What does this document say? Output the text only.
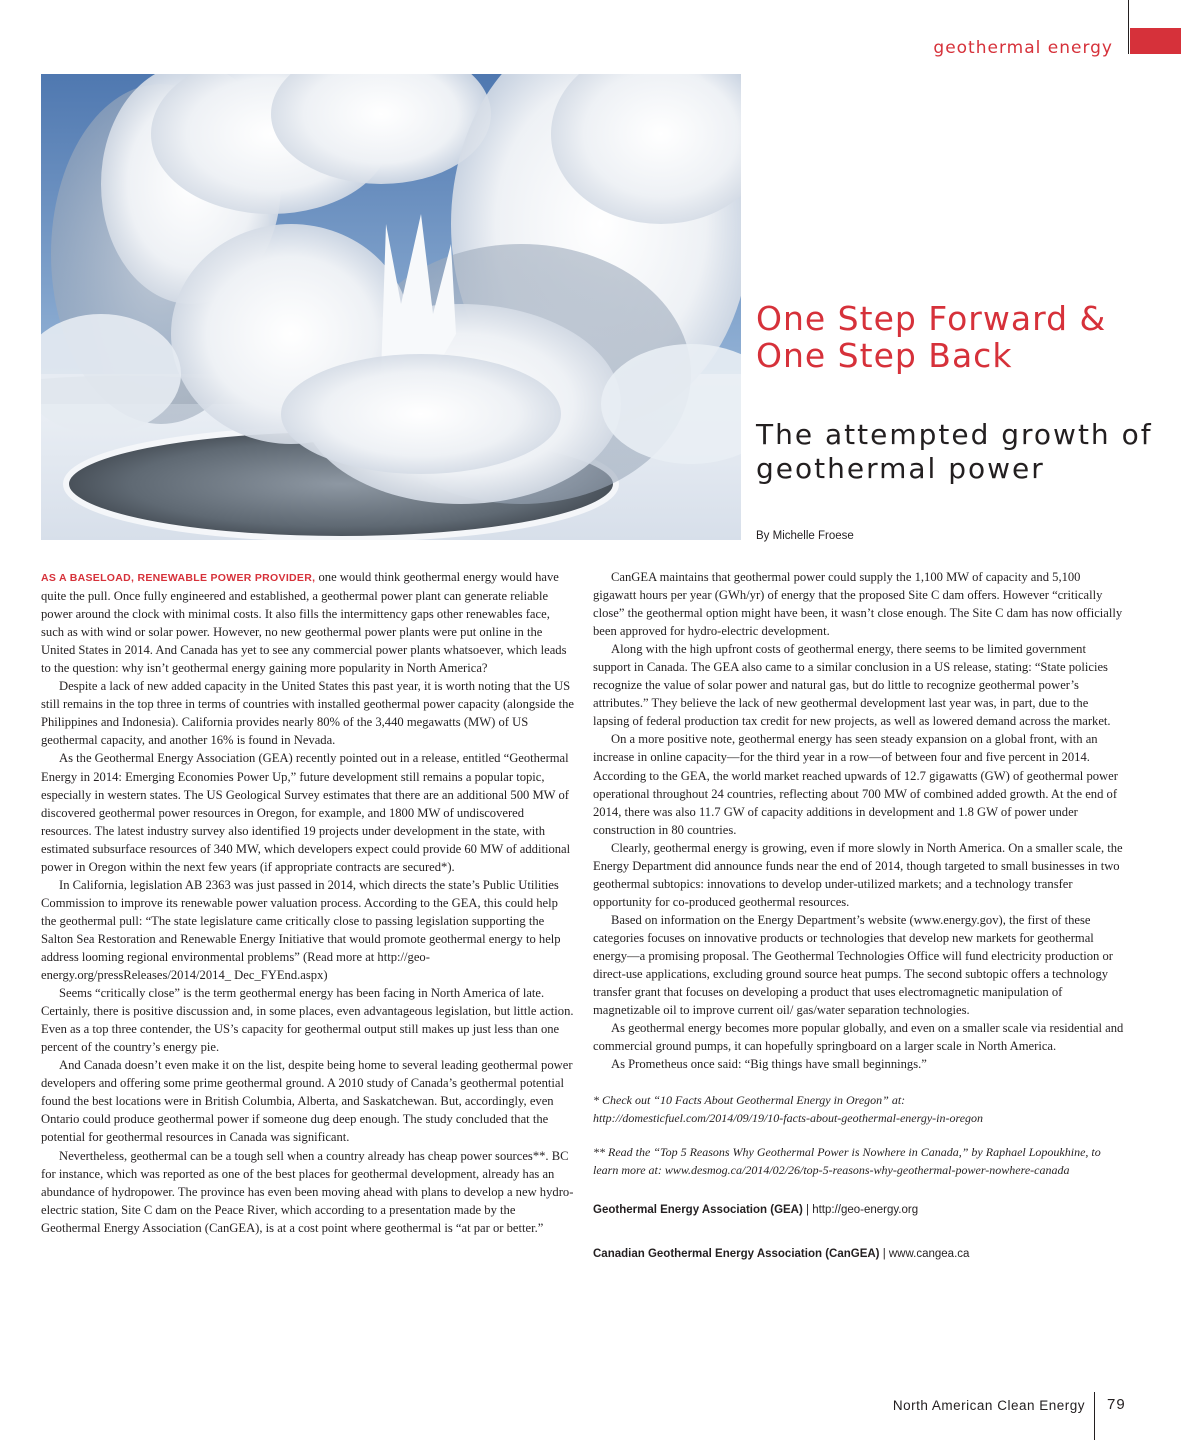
geothermal energy
One Step Forward & One Step Back
The attempted growth of geothermal power
By Michelle Froese

AS A BASELOAD, RENEWABLE POWER PROVIDER, one would think geothermal energy would have quite the pull. Once fully engineered and established, a geothermal power plant can generate reliable power around the clock with minimal costs. It also fills the intermittency gaps other renewables face, such as with wind or solar power. However, no new geothermal power plants were put online in the United States in 2014. And Canada has yet to see any commercial power plants whatsoever, which leads to the question: why isn’t geothermal energy gaining more popularity in North America?

Despite a lack of new added capacity in the United States this past year, it is worth noting that the US still remains in the top three in terms of countries with installed geothermal power capacity (alongside the Philippines and Indonesia). California provides nearly 80% of the 3,440 megawatts (MW) of US geothermal capacity, and another 16% is found in Nevada.

As the Geothermal Energy Association (GEA) recently pointed out in a release, entitled “Geothermal Energy in 2014: Emerging Economies Power Up,” future development still remains a popular topic, especially in western states. The US Geological Survey estimates that there are an additional 500 MW of discovered geothermal power resources in Oregon, for example, and 1800 MW of undiscovered resources. The latest industry survey also identified 19 projects under development in the state, with estimated subsurface resources of 340 MW, which developers expect could provide 60 MW of additional power in Oregon within the next few years (if appropriate contracts are secured*).

In California, legislation AB 2363 was just passed in 2014, which directs the state’s Public Utilities Commission to improve its renewable power valuation process. According to the GEA, this could help the geothermal pull: “The state legislature came critically close to passing legislation supporting the Salton Sea Restoration and Renewable Energy Initiative that would promote geothermal energy to help address looming regional environmental problems” (Read more at http://geo-energy.org/pressReleases/2014/2014_ Dec_FYEnd.aspx)

Seems “critically close” is the term geothermal energy has been facing in North America of late. Certainly, there is positive discussion and, in some places, even advantageous legislation, but little action. Even as a top three contender, the US’s capacity for geothermal output still makes up just less than one percent of the country’s energy pie.

And Canada doesn’t even make it on the list, despite being home to several leading geothermal power developers and offering some prime geothermal ground. A 2010 study of Canada’s geothermal potential found the best locations were in British Columbia, Alberta, and Saskatchewan. But, accordingly, even Ontario could produce geothermal power if someone dug deep enough. The study concluded that the potential for geothermal resources in Canada was significant.

Nevertheless, geothermal can be a tough sell when a country already has cheap power sources**. BC for instance, which was reported as one of the best places for geothermal development, already has an abundance of hydropower. The province has even been moving ahead with plans to develop a new hydro-electric station, Site C dam on the Peace River, which according to a presentation made by the Geothermal Energy Association (CanGEA), is at a cost point where geothermal is “at par or better.”

CanGEA maintains that geothermal power could supply the 1,100 MW of capacity and 5,100 gigawatt hours per year (GWh/yr) of energy that the proposed Site C dam offers. However “critically close” the geothermal option might have been, it wasn’t close enough. The Site C dam has now officially been approved for hydro-electric development.

Along with the high upfront costs of geothermal energy, there seems to be limited government support in Canada. The GEA also came to a similar conclusion in a US release, stating: “State policies recognize the value of solar power and natural gas, but do little to recognize geothermal power’s attributes.” They believe the lack of new geothermal development last year was, in part, due to the lapsing of federal production tax credit for new projects, as well as lowered demand across the market.

On a more positive note, geothermal energy has seen steady expansion on a global front, with an increase in online capacity—for the third year in a row—of between four and five percent in 2014. According to the GEA, the world market reached upwards of 12.7 gigawatts (GW) of geothermal power operational throughout 24 countries, reflecting about 700 MW of combined added growth. At the end of 2014, there was also 11.7 GW of capacity additions in development and 1.8 GW of power under construction in 80 countries.

Clearly, geothermal energy is growing, even if more slowly in North America. On a smaller scale, the Energy Department did announce funds near the end of 2014, though targeted to small businesses in two geothermal subtopics: innovations to develop under-utilized markets; and a technology transfer opportunity for co-produced geothermal resources.

Based on information on the Energy Department’s website (www.energy.gov), the first of these categories focuses on innovative products or technologies that develop new markets for geothermal energy—a promising proposal. The Geothermal Technologies Office will fund electricity production or direct-use applications, excluding ground source heat pumps. The second subtopic offers a technology transfer grant that focuses on developing a product that uses electromagnetic manipulation of magnetizable oil to improve current oil/ gas/water separation technologies.

As geothermal energy becomes more popular globally, and even on a smaller scale via residential and commercial ground pumps, it can hopefully springboard on a larger scale in North America.

As Prometheus once said: “Big things have small beginnings.”

* Check out “10 Facts About Geothermal Energy in Oregon” at:
http://domesticfuel.com/2014/09/19/10-facts-about-geothermal-energy-in-oregon

** Read the “Top 5 Reasons Why Geothermal Power is Nowhere in Canada,” by Raphael Lopoukhine, to learn more at: www.desmog.ca/2014/02/26/top-5-reasons-why-geothermal-power-nowhere-canada

Geothermal Energy Association (GEA) | http://geo-energy.org

Canadian Geothermal Energy Association (CanGEA) | www.cangea.ca

North American Clean Energy 79
